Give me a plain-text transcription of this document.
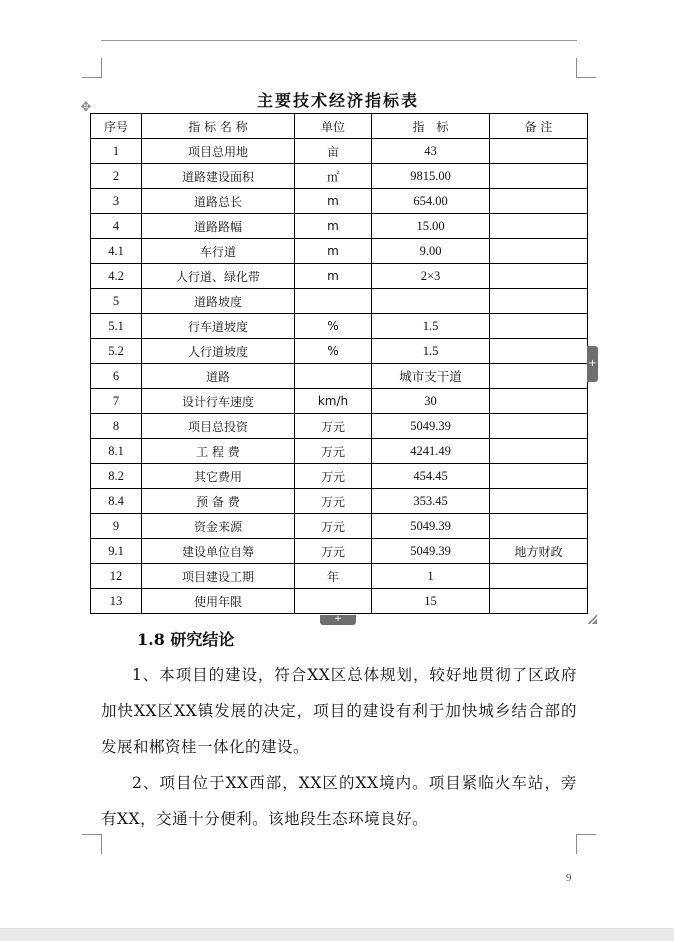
主要技术经济指标表
✥
序号	指 标 名 称	单位	指　标	备 注
1	项目总用地	亩	43	
2	道路建设面积	㎡	9815.00	
3	道路总长	m	654.00	
4	道路路幅	m	15.00	
4.1	车行道	m	9.00	
4.2	人行道、绿化带	m	2×3	
5	道路坡度			
5.1	行车道坡度	%	1.5	
5.2	人行道坡度	%	1.5	
6	道路		城市支干道	
7	设计行车速度	km/h	30	
8	项目总投资	万元	5049.39	
8.1	工 程 费	万元	4241.49	
8.2	其它费用	万元	454.45	
8.4	预 备 费	万元	353.45	
9	资金来源	万元	5049.39	
9.1	建设单位自筹	万元	5049.39	地方财政
12	项目建设工期	年	1	
13	使用年限		15	
+
+
1.8 研究结论

1、本项目的建设，符合XX区总体规划，较好地贯彻了区政府加快XX区XX镇发展的决定，项目的建设有利于加快城乡结合部的发展和郴资桂一体化的建设。

2、项目位于XX西部，XX区的XX境内。项目紧临火车站，旁有XX，交通十分便利。该地段生态环境良好。

9
